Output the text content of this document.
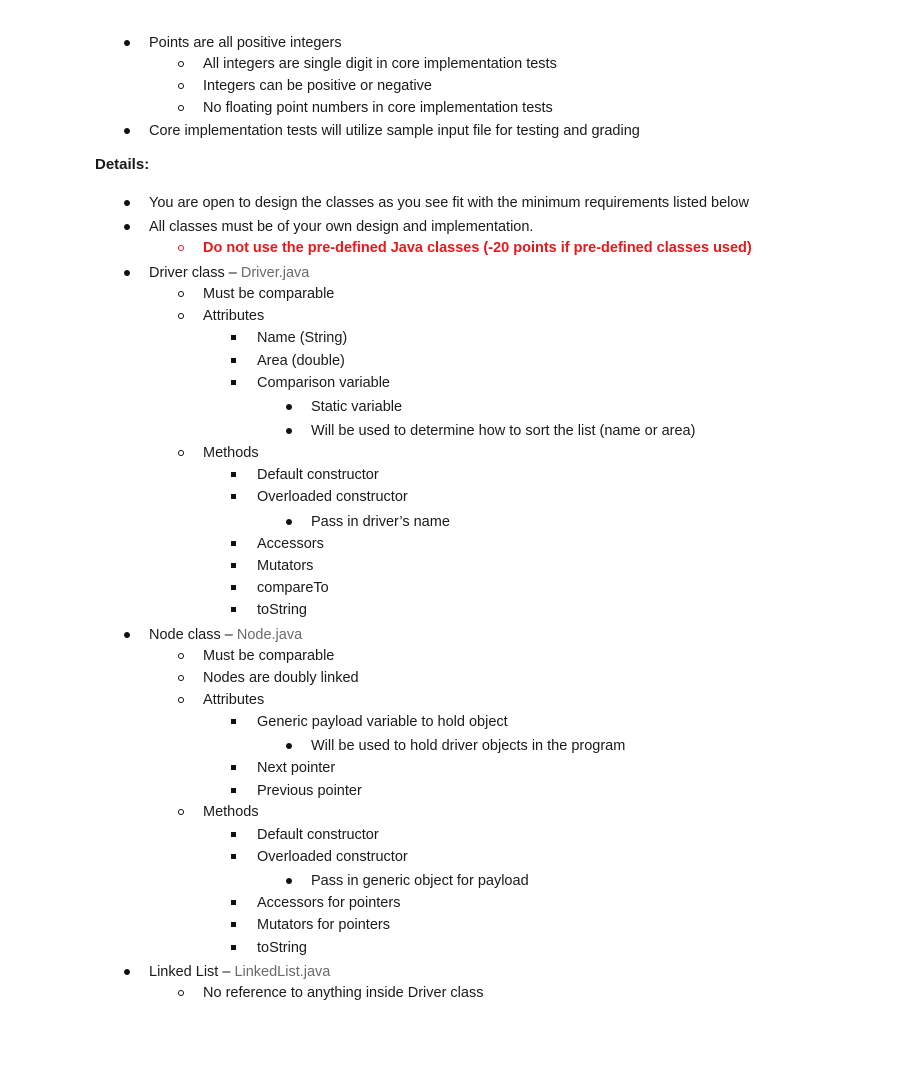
Points are all positive integers
All integers are single digit in core implementation tests
Integers can be positive or negative
No floating point numbers in core implementation tests
Core implementation tests will utilize sample input file for testing and grading
Details:
You are open to design the classes as you see fit with the minimum requirements listed below
All classes must be of your own design and implementation.
Do not use the pre-defined Java classes (-20 points if pre-defined classes used)
Driver class – Driver.java
Must be comparable
Attributes
Name (String)
Area (double)
Comparison variable
Static variable
Will be used to determine how to sort the list (name or area)
Methods
Default constructor
Overloaded constructor
Pass in driver’s name
Accessors
Mutators
compareTo
toString
Node class – Node.java
Must be comparable
Nodes are doubly linked
Attributes
Generic payload variable to hold object
Will be used to hold driver objects in the program
Next pointer
Previous pointer
Methods
Default constructor
Overloaded constructor
Pass in generic object for payload
Accessors for pointers
Mutators for pointers
toString
Linked List – LinkedList.java
No reference to anything inside Driver class
